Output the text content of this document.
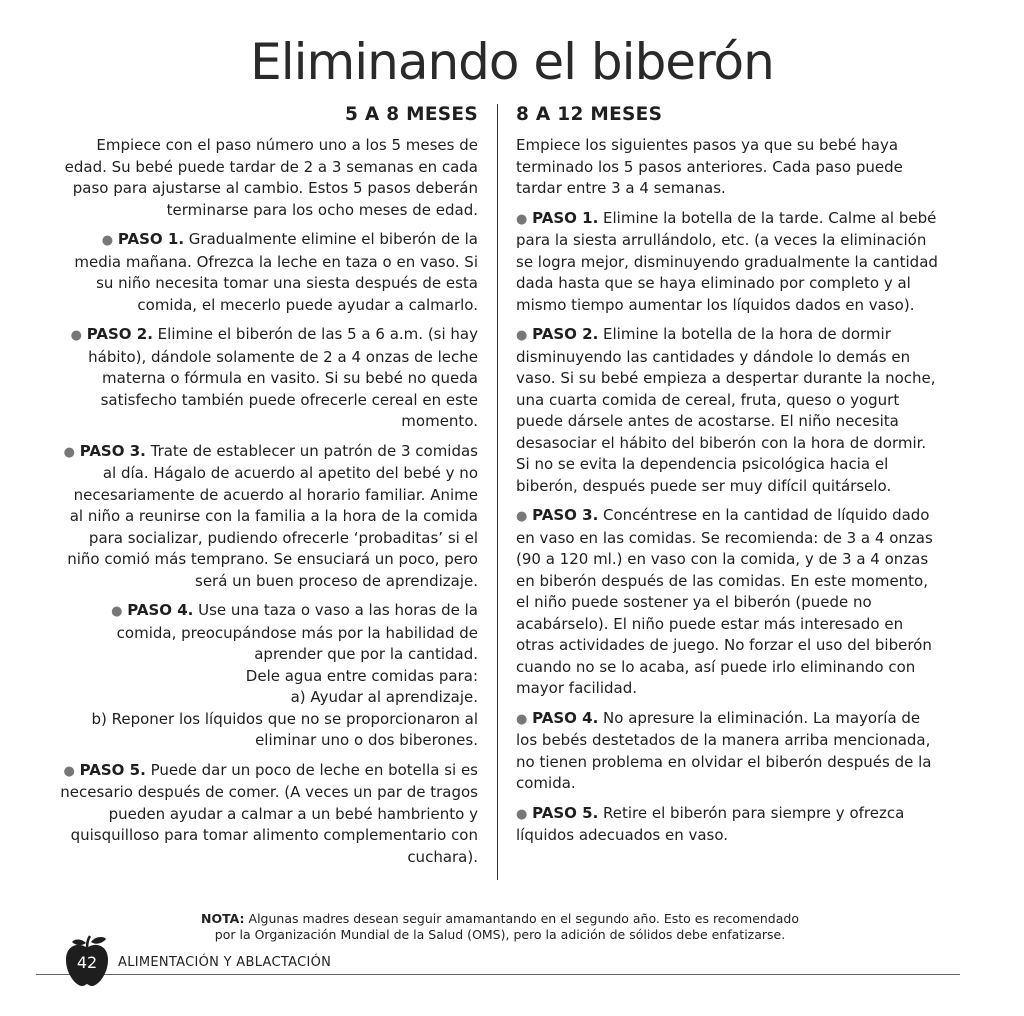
Eliminando el biberón
5 A 8 MESES

Empiece con el paso número uno a los 5 meses de edad. Su bebé puede tardar de 2 a 3 semanas en cada paso para ajustarse al cambio. Estos 5 pasos deberán terminarse para los ocho meses de edad.

● PASO 1. Gradualmente elimine el biberón de la media mañana. Ofrezca la leche en taza o en vaso. Si su niño necesita tomar una siesta después de esta comida, el mecerlo puede ayudar a calmarlo.

● PASO 2. Elimine el biberón de las 5 a 6 a.m. (si hay hábito), dándole solamente de 2 a 4 onzas de leche materna o fórmula en vasito. Si su bebé no queda satisfecho también puede ofrecerle cereal en este momento.

● PASO 3. Trate de establecer un patrón de 3 comidas al día. Hágalo de acuerdo al apetito del bebé y no necesariamente de acuerdo al horario familiar. Anime al niño a reunirse con la familia a la hora de la comida para socializar, pudiendo ofrecerle ‘probaditas’ si el niño comió más temprano. Se ensuciará un poco, pero será un buen proceso de aprendizaje.

● PASO 4. Use una taza o vaso a las horas de la comida, preocupándose más por la habilidad de aprender que por la cantidad.
Dele agua entre comidas para:
a) Ayudar al aprendizaje.
b) Reponer los líquidos que no se proporcionaron al eliminar uno o dos biberones.

● PASO 5. Puede dar un poco de leche en botella si es necesario después de comer. (A veces un par de tragos pueden ayudar a calmar a un bebé hambriento y quisquilloso para tomar alimento complementario con cuchara).

8 A 12 MESES

Empiece los siguientes pasos ya que su bebé haya terminado los 5 pasos anteriores. Cada paso puede tardar entre 3 a 4 semanas.

● PASO 1. Elimine la botella de la tarde. Calme al bebé para la siesta arrullándolo, etc. (a veces la eliminación se logra mejor, disminuyendo gradualmente la cantidad dada hasta que se haya eliminado por completo y al mismo tiempo aumentar los líquidos dados en vaso).

● PASO 2. Elimine la botella de la hora de dormir disminuyendo las cantidades y dándole lo demás en vaso. Si su bebé empieza a despertar durante la noche, una cuarta comida de cereal, fruta, queso o yogurt puede dársele antes de acostarse. El niño necesita desasociar el hábito del biberón con la hora de dormir. Si no se evita la dependencia psicológica hacia el biberón, después puede ser muy difícil quitárselo.

● PASO 3. Concéntrese en la cantidad de líquido dado en vaso en las comidas. Se recomienda: de 3 a 4 onzas (90 a 120 ml.) en vaso con la comida, y de 3 a 4 onzas en biberón después de las comidas. En este momento, el niño puede sostener ya el biberón (puede no acabárselo). El niño puede estar más interesado en otras actividades de juego. No forzar el uso del biberón cuando no se lo acaba, así puede irlo eliminando con mayor facilidad.

● PASO 4. No apresure la eliminación. La mayoría de los bebés destetados de la manera arriba mencionada, no tienen problema en olvidar el biberón después de la comida.

● PASO 5. Retire el biberón para siempre y ofrezca líquidos adecuados en vaso.

NOTA: Algunas madres desean seguir amamantando en el segundo año. Esto es recomendado
por la Organización Mundial de la Salud (OMS), pero la adición de sólidos debe enfatizarse.
42	ALIMENTACIÓN Y ABLACTACIÓN
